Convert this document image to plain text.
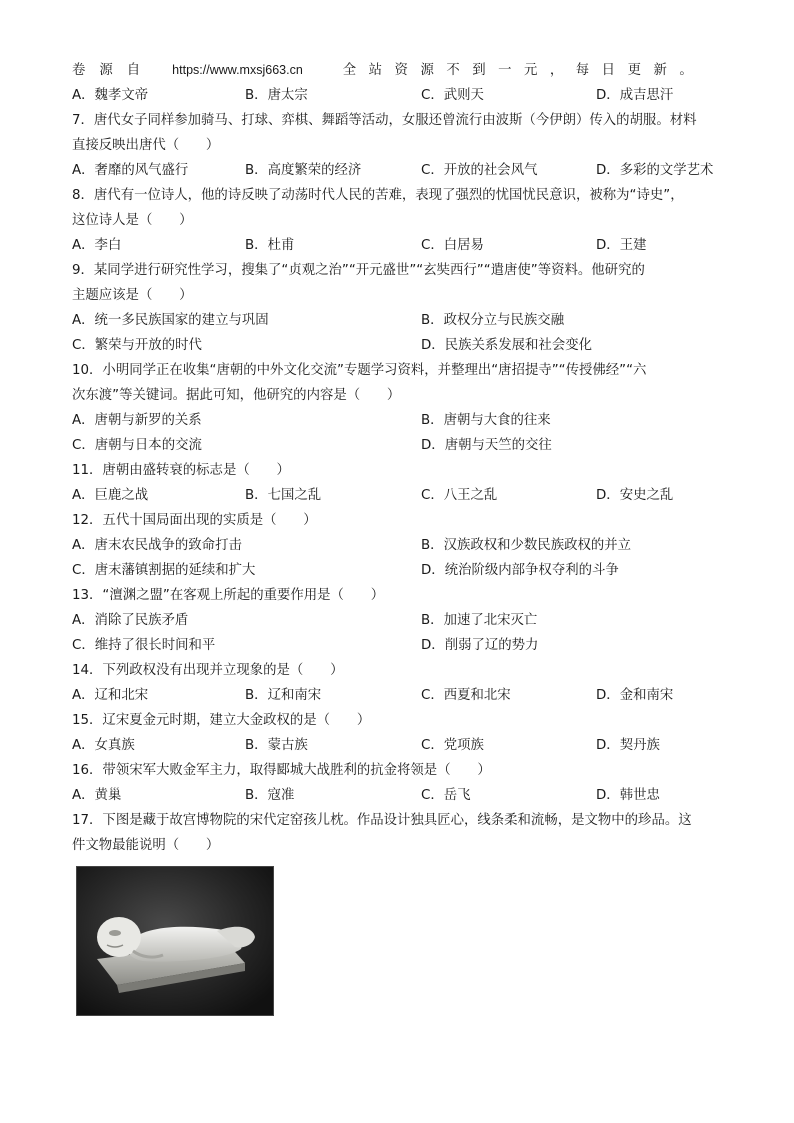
卷源自 https://www.mxsj663.cn	全站资源不到一元，每日更新。
A．魏孝文帝	B．唐太宗	C．武则天	D．成吉思汗
7．唐代女子同样参加骑马、打球、弈棋、舞蹈等活动，女服还曾流行由波斯（今伊朗）传入的胡服。材料
直接反映出唐代（　　）
A．奢靡的风气盛行	B．高度繁荣的经济	C．开放的社会风气	D．多彩的文学艺术
8．唐代有一位诗人，他的诗反映了动荡时代人民的苦难，表现了强烈的忧国忧民意识，被称为“诗史”，
这位诗人是（　　）
A．李白	B．杜甫	C．白居易	D．王建
9．某同学进行研究性学习，搜集了“贞观之治”“开元盛世”“玄奘西行”“遣唐使”等资料。他研究的
主题应该是（　　）
A．统一多民族国家的建立与巩固	B．政权分立与民族交融
C．繁荣与开放的时代	D．民族关系发展和社会变化
10．小明同学正在收集“唐朝的中外文化交流”专题学习资料，并整理出“唐招提寺”“传授佛经”“六
次东渡”等关键词。据此可知，他研究的内容是（　　）
A．唐朝与新罗的关系	B．唐朝与大食的往来
C．唐朝与日本的交流	D．唐朝与天竺的交往
11．唐朝由盛转衰的标志是（　　）
A．巨鹿之战	B．七国之乱	C．八王之乱	D．安史之乱
12．五代十国局面出现的实质是（　　）
A．唐末农民战争的致命打击	B．汉族政权和少数民族政权的并立
C．唐末藩镇割据的延续和扩大	D．统治阶级内部争权夺利的斗争
13．“澶渊之盟”在客观上所起的重要作用是（　　）
A．消除了民族矛盾	B．加速了北宋灭亡
C．维持了很长时间和平	D．削弱了辽的势力
14．下列政权没有出现并立现象的是（　　）
A．辽和北宋	B．辽和南宋	C．西夏和北宋	D．金和南宋
15．辽宋夏金元时期，建立大金政权的是（　　）
A．女真族	B．蒙古族	C．党项族	D．契丹族
16．带领宋军大败金军主力，取得郾城大战胜利的抗金将领是（　　）
A．黄巢	B．寇准	C．岳飞	D．韩世忠
17．下图是藏于故宫博物院的宋代定窑孩儿枕。作品设计独具匠心，线条柔和流畅，是文物中的珍品。这
件文物最能说明（　　）
